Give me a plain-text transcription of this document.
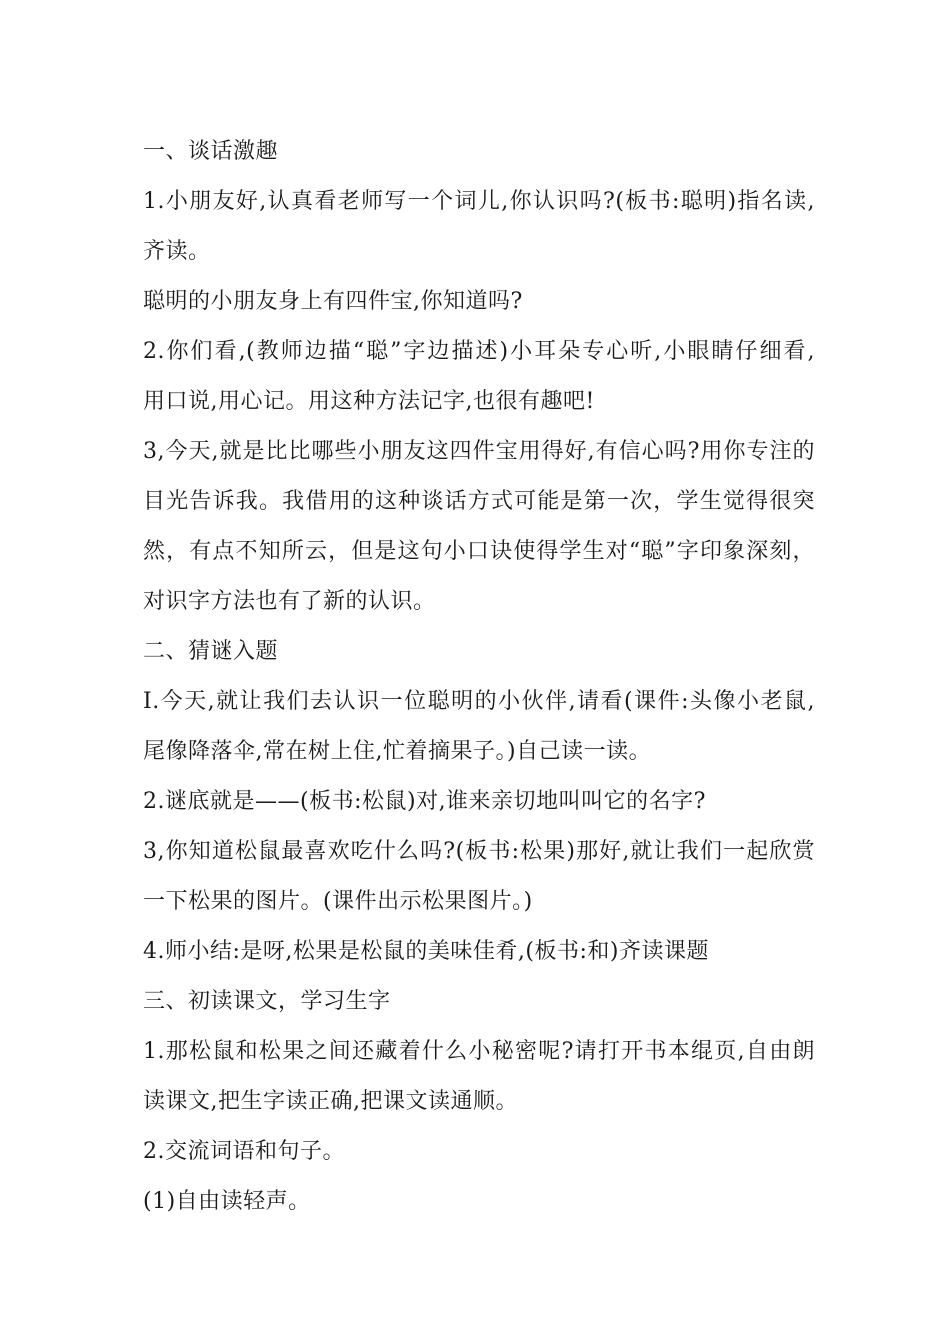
一、谈话激趣
1.小朋友好,认真看老师写一个词儿,你认识吗?(板书:聪明)指名读,
齐读。
聪明的小朋友身上有四件宝,你知道吗?
2.你们看,(教师边描“聪”字边描述)小耳朵专心听,小眼睛仔细看,
用口说,用心记。用这种方法记字,也很有趣吧!
3,今天,就是比比哪些小朋友这四件宝用得好,有信心吗?用你专注的
目光告诉我。我借用的这种谈话方式可能是第一次，学生觉得很突
然，有点不知所云，但是这句小口诀使得学生对“聪”字印象深刻，
对识字方法也有了新的认识。
二、猜谜入题
I.今天,就让我们去认识一位聪明的小伙伴,请看(课件:头像小老鼠,
尾像降落伞,常在树上住,忙着摘果子。)自己读一读。
2.谜底就是——(板书:松鼠)对,谁来亲切地叫叫它的名字?
3,你知道松鼠最喜欢吃什么吗?(板书:松果)那好,就让我们一起欣赏
一下松果的图片。(课件出示松果图片。)
4.师小结:是呀,松果是松鼠的美味佳肴,(板书:和)齐读课题
三、初读课文，学习生字
1.那松鼠和松果之间还藏着什么小秘密呢?请打开书本绲页,自由朗
读课文,把生字读正确,把课文读通顺。
2.交流词语和句子。
(1)自由读轻声。
